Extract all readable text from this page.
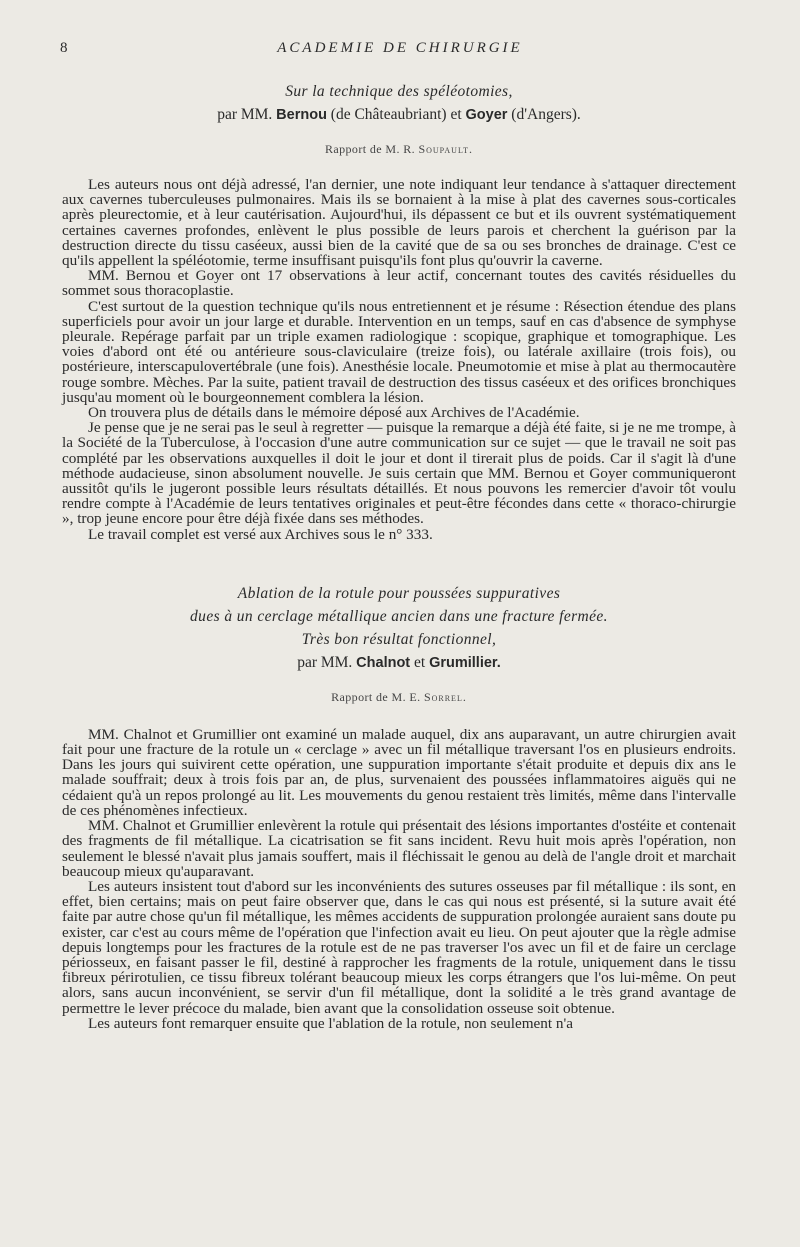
8	ACADEMIE DE CHIRURGIE
Sur la technique des spéléotomies,
par MM. Bernou (de Châteaubriant) et Goyer (d'Angers).
Rapport de M. R. Soupault.

Les auteurs nous ont déjà adressé, l'an dernier, une note indiquant leur tendance à s'attaquer directement aux cavernes tuberculeuses pulmonaires. Mais ils se bornaient à la mise à plat des cavernes sous-corticales après pleurectomie, et à leur cautérisation. Aujourd'hui, ils dépassent ce but et ils ouvrent systématiquement certaines cavernes profondes, enlèvent le plus possible de leurs parois et cherchent la guérison par la destruction directe du tissu caséeux, aussi bien de la cavité que de sa ou ses bronches de drainage. C'est ce qu'ils appellent la spéléotomie, terme insuffisant puisqu'ils font plus qu'ouvrir la caverne.

MM. Bernou et Goyer ont 17 observations à leur actif, concernant toutes des cavités résiduelles du sommet sous thoracoplastie.

C'est surtout de la question technique qu'ils nous entretiennent et je résume : Résection étendue des plans superficiels pour avoir un jour large et durable. Intervention en un temps, sauf en cas d'absence de symphyse pleurale. Repérage parfait par un triple examen radiologique : scopique, graphique et tomographique. Les voies d'abord ont été ou antérieure sous-claviculaire (treize fois), ou latérale axillaire (trois fois), ou postérieure, interscapulovertébrale (une fois). Anesthésie locale. Pneumotomie et mise à plat au thermocautère rouge sombre. Mèches. Par la suite, patient travail de destruction des tissus caséeux et des orifices bronchiques jusqu'au moment où le bourgeonnement comblera la lésion.

On trouvera plus de détails dans le mémoire déposé aux Archives de l'Académie.

Je pense que je ne serai pas le seul à regretter — puisque la remarque a déjà été faite, si je ne me trompe, à la Société de la Tuberculose, à l'occasion d'une autre communication sur ce sujet — que le travail ne soit pas complété par les observations auxquelles il doit le jour et dont il tirerait plus de poids. Car il s'agit là d'une méthode audacieuse, sinon absolument nouvelle. Je suis certain que MM. Bernou et Goyer communiqueront aussitôt qu'ils le jugeront possible leurs résultats détaillés. Et nous pouvons les remercier d'avoir tôt voulu rendre compte à l'Académie de leurs tentatives originales et peut-être fécondes dans cette « thoraco-chirurgie », trop jeune encore pour être déjà fixée dans ses méthodes.

Le travail complet est versé aux Archives sous le n° 333.

Ablation de la rotule pour poussées suppuratives
dues à un cerclage métallique ancien dans une fracture fermée.
Très bon résultat fonctionnel,
par MM. Chalnot et Grumillier.
Rapport de M. E. Sorrel.

MM. Chalnot et Grumillier ont examiné un malade auquel, dix ans auparavant, un autre chirurgien avait fait pour une fracture de la rotule un « cerclage » avec un fil métallique traversant l'os en plusieurs endroits. Dans les jours qui suivirent cette opération, une suppuration importante s'était produite et depuis dix ans le malade souffrait; deux à trois fois par an, de plus, survenaient des poussées inflammatoires aiguës qui ne cédaient qu'à un repos prolongé au lit. Les mouvements du genou restaient très limités, même dans l'intervalle de ces phénomènes infectieux.

MM. Chalnot et Grumillier enlevèrent la rotule qui présentait des lésions importantes d'ostéite et contenait des fragments de fil métallique. La cicatrisation se fit sans incident. Revu huit mois après l'opération, non seulement le blessé n'avait plus jamais souffert, mais il fléchissait le genou au delà de l'angle droit et marchait beaucoup mieux qu'auparavant.

Les auteurs insistent tout d'abord sur les inconvénients des sutures osseuses par fil métallique : ils sont, en effet, bien certains; mais on peut faire observer que, dans le cas qui nous est présenté, si la suture avait été faite par autre chose qu'un fil métallique, les mêmes accidents de suppuration prolongée auraient sans doute pu exister, car c'est au cours même de l'opération que l'infection avait eu lieu. On peut ajouter que la règle admise depuis longtemps pour les fractures de la rotule est de ne pas traverser l'os avec un fil et de faire un cerclage périosseux, en faisant passer le fil, destiné à rapprocher les fragments de la rotule, uniquement dans le tissu fibreux périrotulien, ce tissu fibreux tolérant beaucoup mieux les corps étrangers que l'os lui-même. On peut alors, sans aucun inconvénient, se servir d'un fil métallique, dont la solidité a le très grand avantage de permettre le lever précoce du malade, bien avant que la consolidation osseuse soit obtenue.

Les auteurs font remarquer ensuite que l'ablation de la rotule, non seulement n'a
